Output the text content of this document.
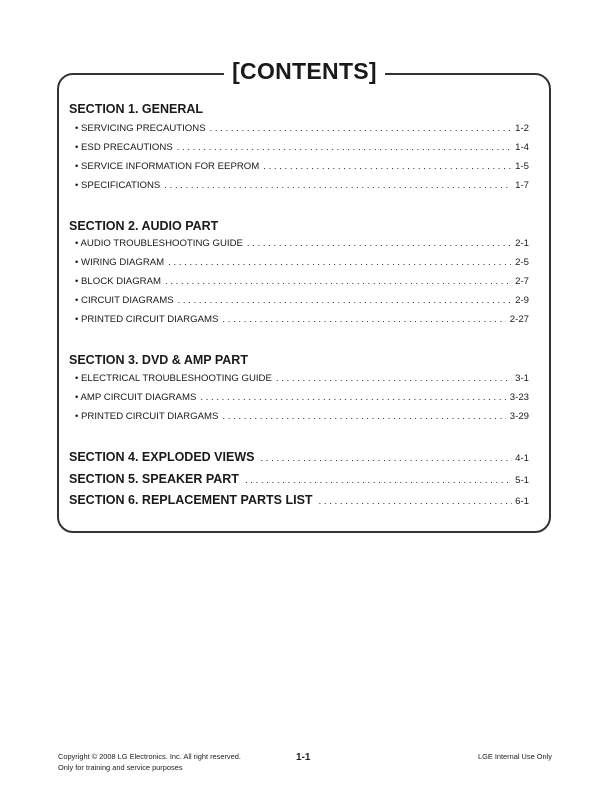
[CONTENTS]
SECTION 1. GENERAL
• SERVICING PRECAUTIONS . . .	1-2
• ESD PRECAUTIONS . . .	1-4
• SERVICE INFORMATION FOR EEPROM . . .	1-5
• SPECIFICATIONS . . .	1-7
SECTION 2. AUDIO PART
• AUDIO TROUBLESHOOTING GUIDE . . .	2-1
• WIRING DIAGRAM . . .	2-5
• BLOCK DIAGRAM . . .	2-7
• CIRCUIT DIAGRAMS . . .	2-9
• PRINTED CIRCUIT DIARGAMS . . .	2-27
SECTION 3. DVD & AMP PART
• ELECTRICAL TROUBLESHOOTING GUIDE . . .	3-1
• AMP CIRCUIT DIAGRAMS . . .	3-23
• PRINTED CIRCUIT DIARGAMS . . .	3-29
SECTION 4. EXPLODED VIEWS . . .	4-1
SECTION 5. SPEAKER PART . . .	5-1
SECTION 6. REPLACEMENT PARTS LIST . . .	6-1
Copyright © 2008 LG Electronics. Inc. All right reserved.
Only for training and service purposes
1-1	LGE Internal Use Only
